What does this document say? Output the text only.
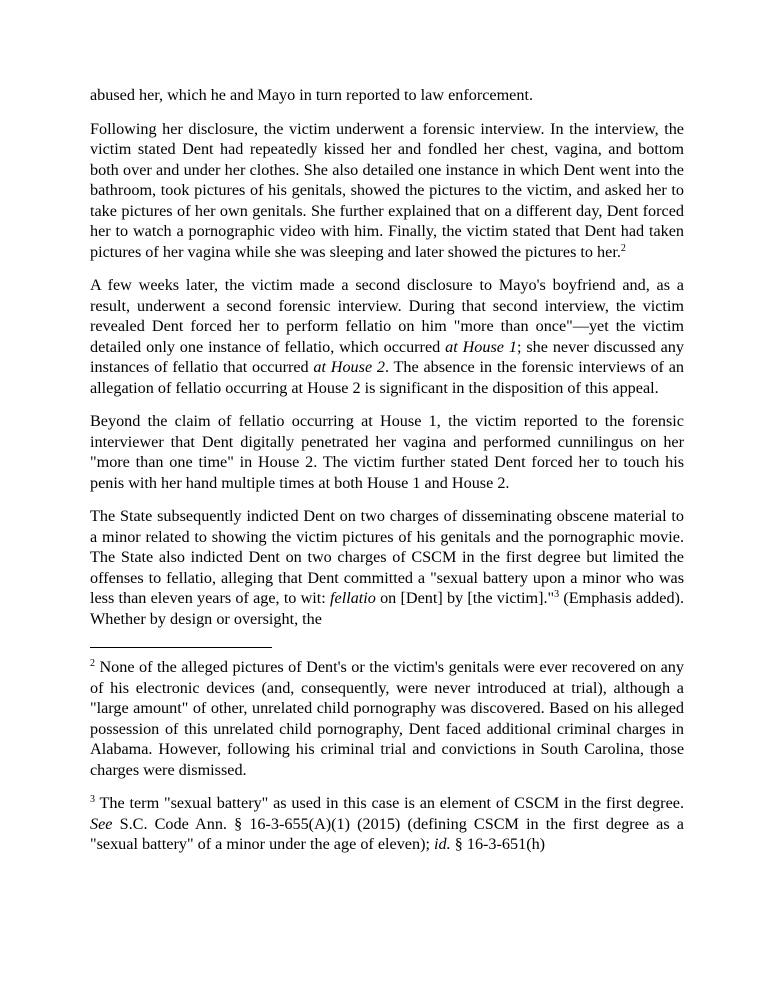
abused her, which he and Mayo in turn reported to law enforcement.

Following her disclosure, the victim underwent a forensic interview. In the interview, the victim stated Dent had repeatedly kissed her and fondled her chest, vagina, and bottom both over and under her clothes. She also detailed one instance in which Dent went into the bathroom, took pictures of his genitals, showed the pictures to the victim, and asked her to take pictures of her own genitals. She further explained that on a different day, Dent forced her to watch a pornographic video with him. Finally, the victim stated that Dent had taken pictures of her vagina while she was sleeping and later showed the pictures to her.$^2$

A few weeks later, the victim made a second disclosure to Mayo's boyfriend and, as a result, underwent a second forensic interview. During that second interview, the victim revealed Dent forced her to perform fellatio on him "more than once"—yet the victim detailed only one instance of fellatio, which occurred at House 1; she never discussed any instances of fellatio that occurred at House 2. The absence in the forensic interviews of an allegation of fellatio occurring at House 2 is significant in the disposition of this appeal.

Beyond the claim of fellatio occurring at House 1, the victim reported to the forensic interviewer that Dent digitally penetrated her vagina and performed cunnilingus on her "more than one time" in House 2. The victim further stated Dent forced her to touch his penis with her hand multiple times at both House 1 and House 2.

The State subsequently indicted Dent on two charges of disseminating obscene material to a minor related to showing the victim pictures of his genitals and the pornographic movie. The State also indicted Dent on two charges of CSCM in the first degree but limited the offenses to fellatio, alleging that Dent committed a "sexual battery upon a minor who was less than eleven years of age, to wit: fellatio on [Dent] by [the victim]."$^3$ (Emphasis added). Whether by design or oversight, the

$^2$ None of the alleged pictures of Dent's or the victim's genitals were ever recovered on any of his electronic devices (and, consequently, were never introduced at trial), although a "large amount" of other, unrelated child pornography was discovered. Based on his alleged possession of this unrelated child pornography, Dent faced additional criminal charges in Alabama. However, following his criminal trial and convictions in South Carolina, those charges were dismissed.

$^3$ The term "sexual battery" as used in this case is an element of CSCM in the first degree. See S.C. Code Ann. § 16-3-655(A)(1) (2015) (defining CSCM in the first degree as a "sexual battery" of a minor under the age of eleven); id. § 16-3-651(h)
